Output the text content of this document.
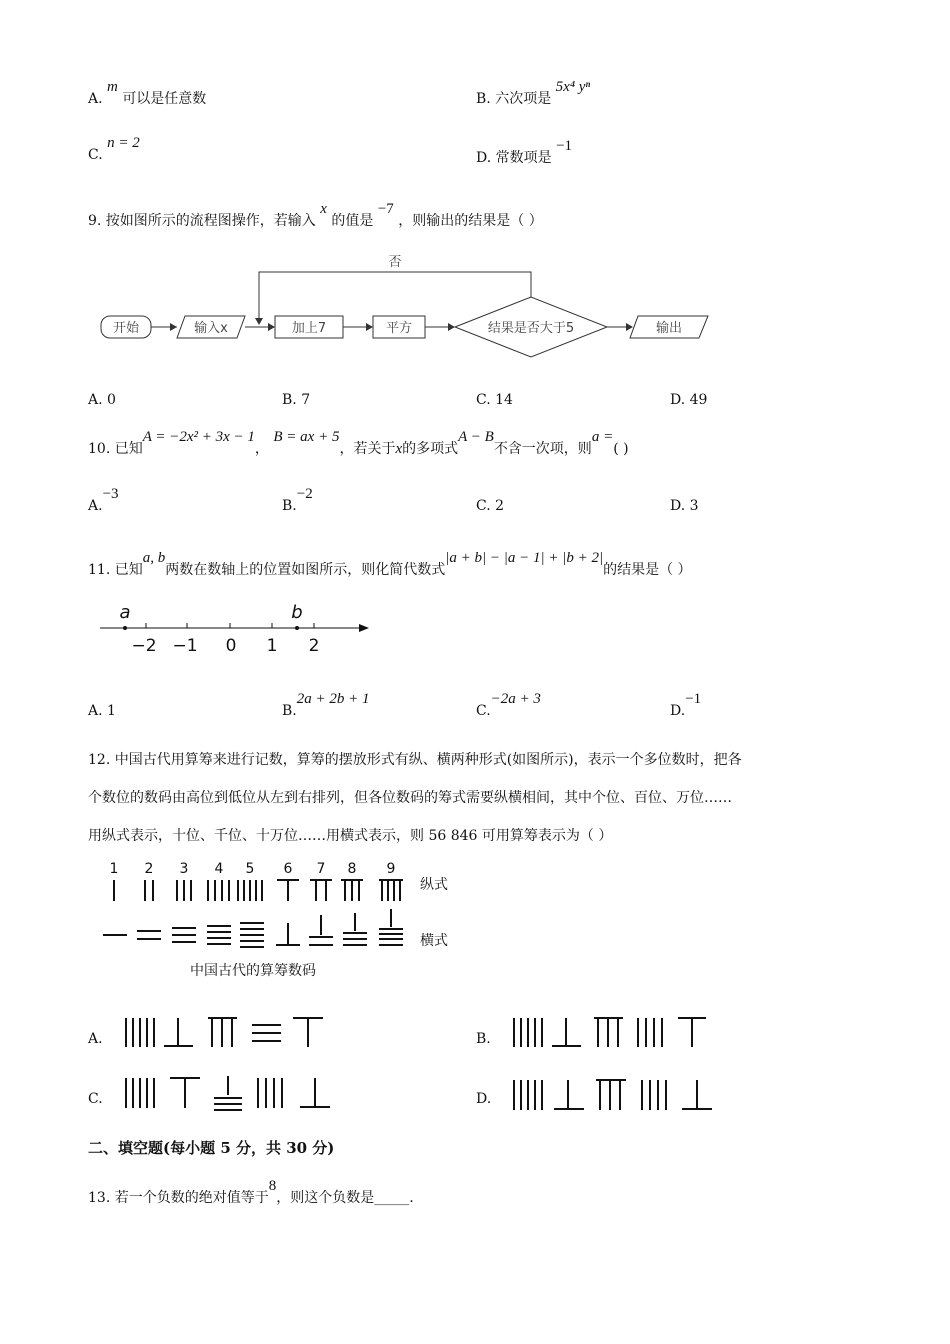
A. m 可以是任意数	B. 六次项是 5x⁴ yⁿ
C. n = 2
D. 常数项是 −1
9. 按如图所示的流程图操作，若输入 x 的值是 −7 ，则输出的结果是（ ）
开始	输入x	加上7	平方	结果是否大于5	输出
否
A. 0	B. 7	C. 14	D. 49
10. 已知A = −2x² + 3x − 1， B = ax + 5，若关于x的多项式A − B不含一次项，则a =( )
A.−3
B.−2
C. 2	D. 3
11. 已知a, b两数在数轴上的位置如图所示，则化简代数式|a + b| − |a − 1| + |b + 2|的结果是（ ）
a	b
−2 −1 0 1 2
A. 1	B.2a + 2b + 1
C.−2a + 3
D.−1
12. 中国古代用算筹来进行记数，算筹的摆放形式有纵、横两种形式(如图所示)，表示一个多位数时，把各
个数位的数码由高位到低位从左到右排列，但各位数码的筹式需要纵横相间，其中个位、百位、万位……
用纵式表示，十位、千位、十万位……用横式表示，则 56 846 可用算筹表示为（ ）
1 2 3 4 5 6 7 8 9
纵式
横式
中国古代的算筹数码
A.	B.
C.	D.
二、填空题(每小题 5 分，共 30 分)
13. 若一个负数的绝对值等于8，则这个负数是_____.
